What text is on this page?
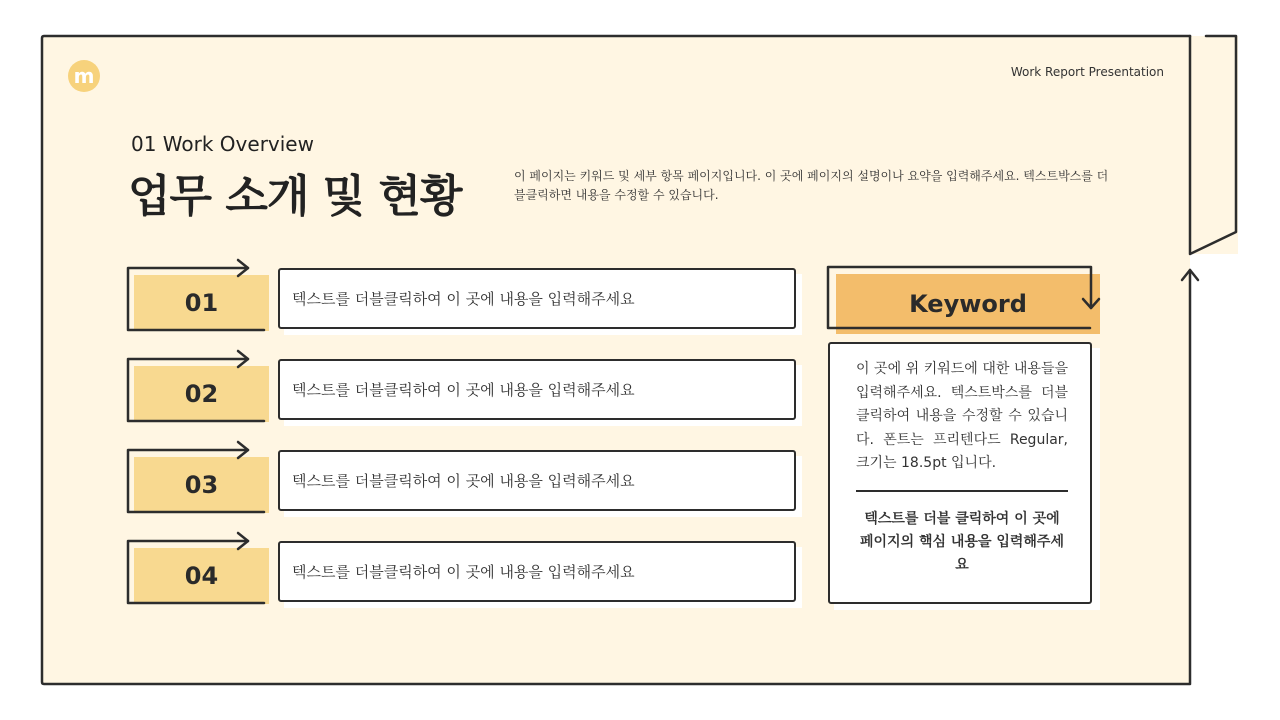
m	Work Report Presentation
01 Work Overview
업무 소개 및 현황	이 페이지는 키워드 및 세부 항목 페이지입니다. 이 곳에 페이지의 설명이나 요약을 입력해주세요. 텍스트박스를 더블클릭하면 내용을 수정할 수 있습니다.
01	텍스트를 더블클릭하여 이 곳에 내용을 입력해주세요
02	텍스트를 더블클릭하여 이 곳에 내용을 입력해주세요
03	텍스트를 더블클릭하여 이 곳에 내용을 입력해주세요
04	텍스트를 더블클릭하여 이 곳에 내용을 입력해주세요
Keyword
이 곳에 위 키워드에 대한 내용들을 입력해주세요. 텍스트박스를 더블클릭하여 내용을 수정할 수 있습니다. 폰트는 프리텐다드 Regular, 크기는 18.5pt 입니다.
텍스트를 더블 클릭하여 이 곳에 페이지의 핵심 내용을 입력해주세요
